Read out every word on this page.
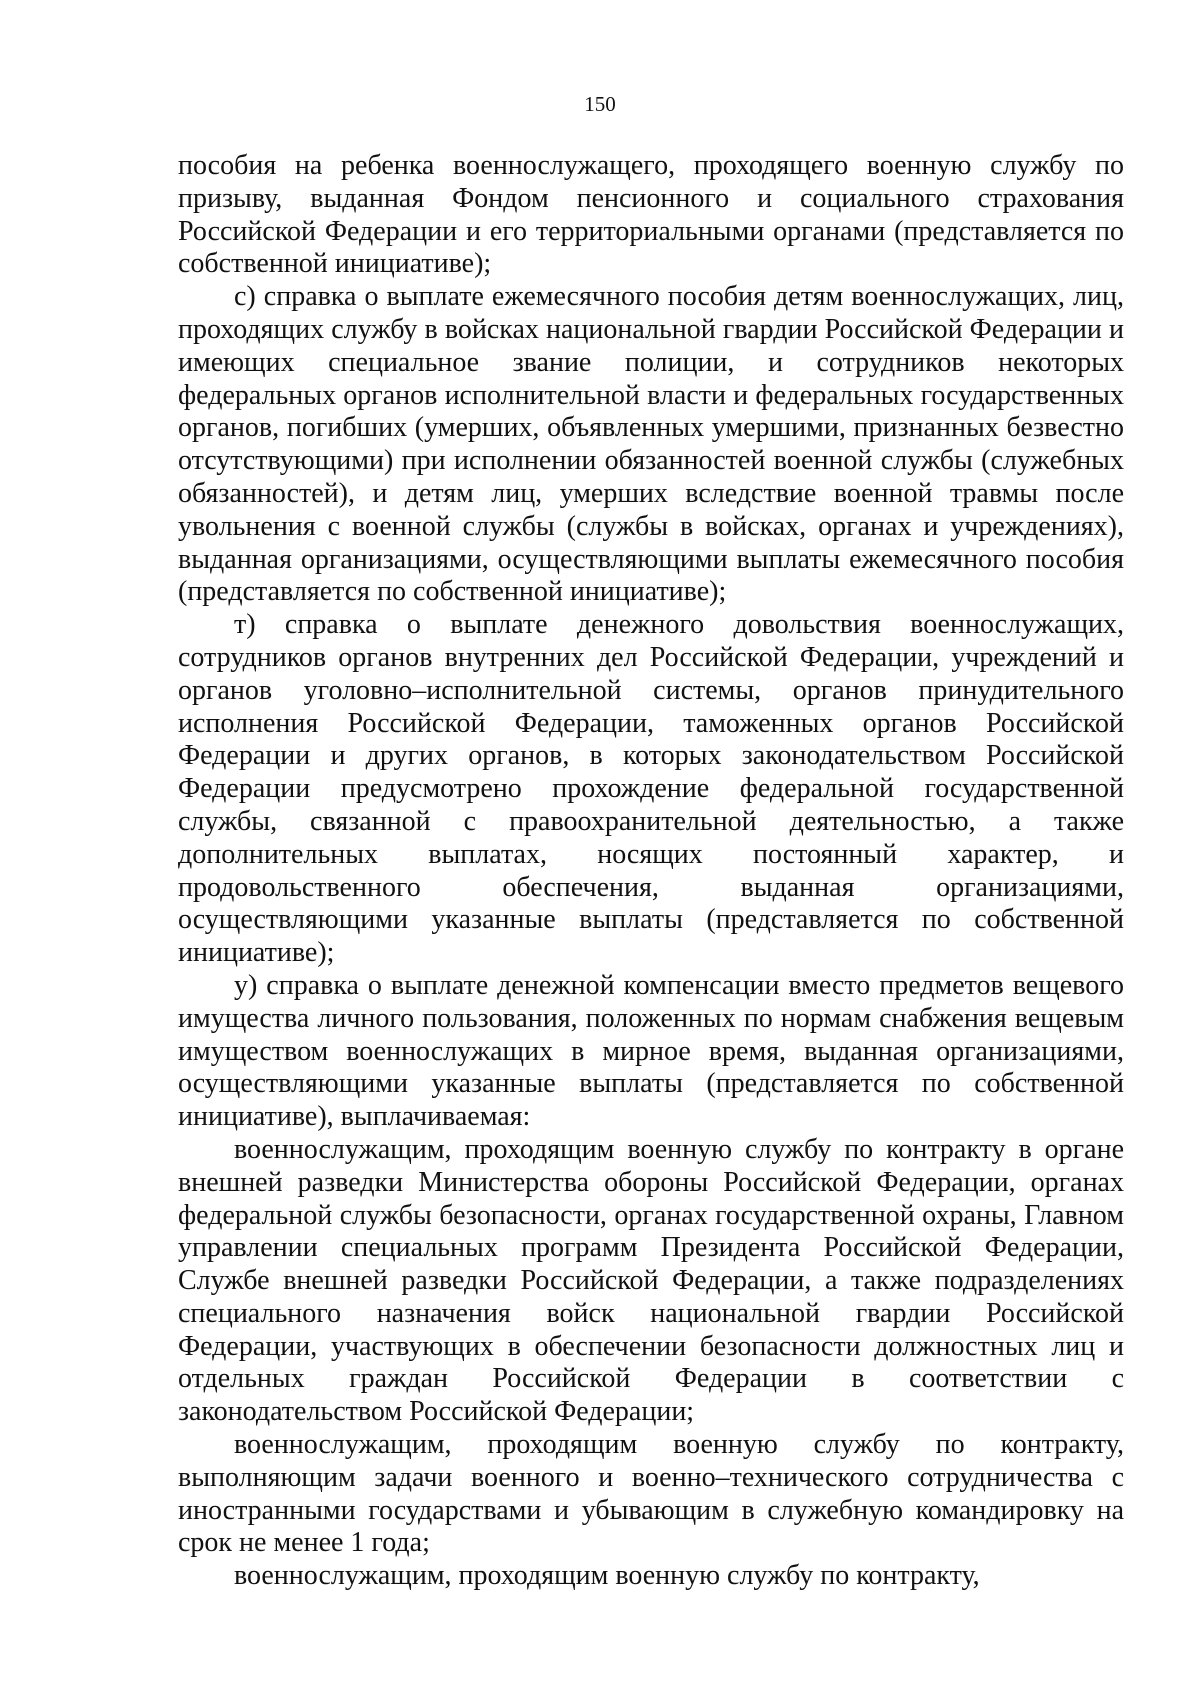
150

пособия на ребенка военнослужащего, проходящего военную службу по призыву, выданная Фондом пенсионного и социального страхования Российской Федерации и его территориальными органами (представляется по собственной инициативе);

с) справка о выплате ежемесячного пособия детям военнослужащих, лиц, проходящих службу в войсках национальной гвардии Российской Федерации и имеющих специальное звание полиции, и сотрудников некоторых федеральных органов исполнительной власти и федеральных государственных органов, погибших (умерших, объявленных умершими, признанных безвестно отсутствующими) при исполнении обязанностей военной службы (служебных обязанностей), и детям лиц, умерших вследствие военной травмы после увольнения с военной службы (службы в войсках, органах и учреждениях), выданная организациями, осуществляющими выплаты ежемесячного пособия (представляется по собственной инициативе);

т) справка о выплате денежного довольствия военнослужащих, сотрудников органов внутренних дел Российской Федерации, учреждений и органов уголовно–исполнительной системы, органов принудительного исполнения Российской Федерации, таможенных органов Российской Федерации и других органов, в которых законодательством Российской Федерации предусмотрено прохождение федеральной государственной службы, связанной с правоохранительной деятельностью, а также дополнительных выплатах, носящих постоянный характер, и продовольственного обеспечения, выданная организациями, осуществляющими указанные выплаты (представляется по собственной инициативе);

у) справка о выплате денежной компенсации вместо предметов вещевого имущества личного пользования, положенных по нормам снабжения вещевым имуществом военнослужащих в мирное время, выданная организациями, осуществляющими указанные выплаты (представляется по собственной инициативе), выплачиваемая:

военнослужащим, проходящим военную службу по контракту в органе внешней разведки Министерства обороны Российской Федерации, органах федеральной службы безопасности, органах государственной охраны, Главном управлении специальных программ Президента Российской Федерации, Службе внешней разведки Российской Федерации, а также подразделениях специального назначения войск национальной гвардии Российской Федерации, участвующих в обеспечении безопасности должностных лиц и отдельных граждан Российской Федерации в соответствии с законодательством Российской Федерации;

военнослужащим, проходящим военную службу по контракту, выполняющим задачи военного и военно–технического сотрудничества с иностранными государствами и убывающим в служебную командировку на срок не менее 1 года;

военнослужащим, проходящим военную службу по контракту,
